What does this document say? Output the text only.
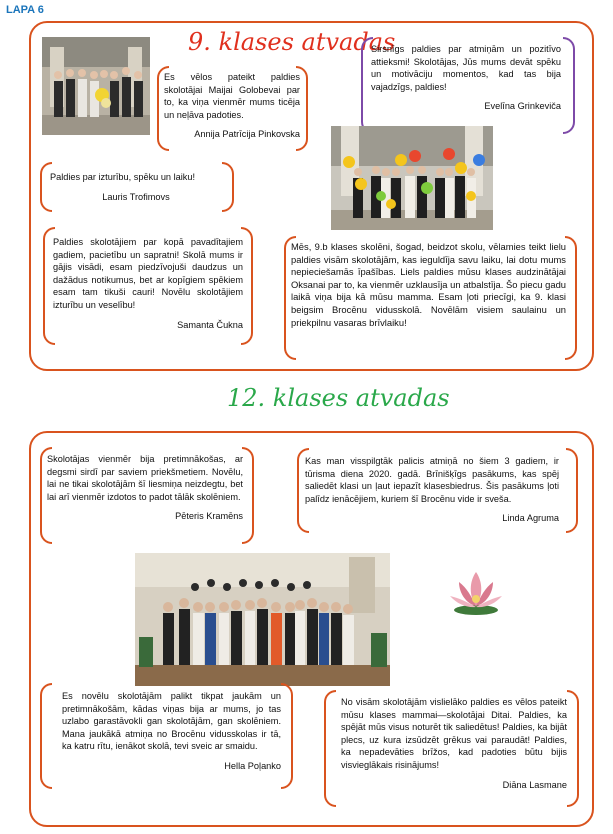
LAPA 6
9. klases atvadas
Es vēlos pateikt paldies skolotājai Maijai Golobevai par to, ka viņa vienmēr mums ticēja un neļāva padoties.
Annija Patrīcija Pinkovska
Sirsnīgs paldies par atmiņām un pozitīvo attieksmi! Skolotājas, Jūs mums devāt spēku un motivāciju momentos, kad tas bija vajadzīgs, paldies!
Evelīna Grinkeviča
Paldies par izturību, spēku un laiku!
Lauris Trofimovs
Paldies skolotājiem par kopā pavadītajiem gadiem, pacietību un sapratni! Skolā mums ir gājis visādi, esam piedzīvojuši daudzus un dažādus notikumus, bet ar kopīgiem spēkiem esam tam tikuši cauri! Novēlu skolotājiem izturību un veselību!
Samanta Čukna
Mēs, 9.b klases skolēni, šogad, beidzot skolu, vēlamies teikt lielu paldies visām skolotājām, kas ieguldīja savu laiku, lai dotu mums nepieciešamās īpašības. Liels paldies mūsu klases audzinātājai Oksanai par to, ka vienmēr uzklausīja un atbalstīja. Šo piecu gadu laikā viņa bija kā mūsu mamma. Esam ļoti priecīgi, ka 9. klasi beigsim Brocēnu vidusskolā. Novēlām visiem saulainu un priekpilnu vasaras brīvlaiku!
12. klases atvadas
Skolotājas vienmēr bija pretimnākošas, ar degsmi sirdī par saviem priekšmetiem. Novēlu, lai ne tikai skolotājām šī liesmiņa neizdegtu, bet lai arī vienmēr izdotos to padot tālāk skolēniem.
Pēteris Kramēns
Kas man visspilgtāk palicis atmiņā no šiem 3 gadiem, ir tūrisma diena 2020. gadā. Brīnišķīgs pasākums, kas spēj saliedēt klasi un ļaut iepazīt klasesbiedrus. Šis pasākums ļoti palīdz ienācējiem, kuriem šī Brocēnu vide ir sveša.
Linda Agruma
Es novēlu skolotājām palikt tikpat jaukām un pretimnākošām, kādas viņas bija ar mums, jo tas uzlabo garastāvokli gan skolotājām, gan skolēniem. Mana jaukākā atmiņa no Brocēnu vidusskolas ir tā, ka katru rītu, ienākot skolā, tevi sveic ar smaidu.
Hella Poļanko
No visām skolotājām vislielāko paldies es vēlos pateikt mūsu klases mammai—skolotājai Ditai. Paldies, ka spējāt mūs visus noturēt tik saliedētus! Paldies, ka bijāt plecs, uz kura izsūdzēt grēkus vai paraudāt! Paldies, ka nepadevāties brīžos, kad padoties būtu bijis visvieglākais risinājums!
Diāna Lasmane
